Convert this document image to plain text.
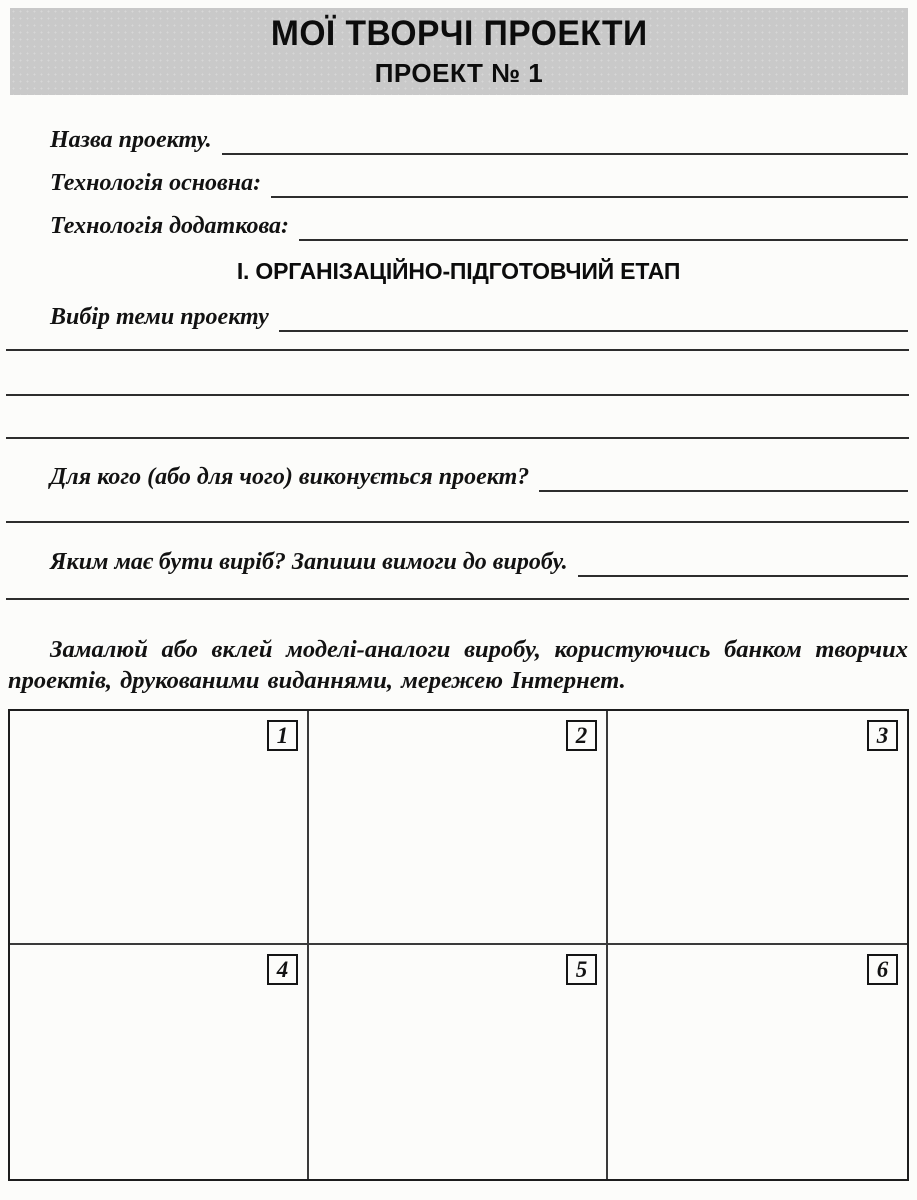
МОЇ ТВОРЧІ ПРОЕКТИ
ПРОЕКТ № 1
Назва проекту.
Технологія основна:
Технологія додаткова:
І. ОРГАНІЗАЦІЙНО-ПІДГОТОВЧИЙ ЕТАП
Вибір теми проекту
Для кого (або для чого) виконується проект?
Яким має бути виріб? Запиши вимоги до виробу.

Замалюй або вклей моделі-аналоги виробу, користуючись банком творчих проектів, друкованими виданнями, мережею Інтернет.

1	2	3
4	5	6
